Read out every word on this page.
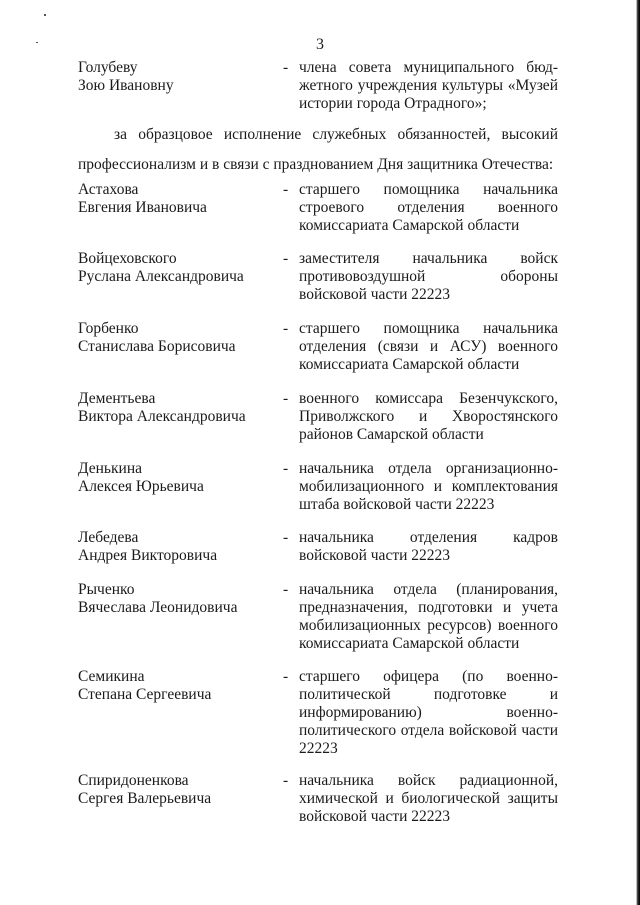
3
Голубеву
Зою Ивановну
- члена совета муниципального бюд-
жетного учреждения культуры «Музей
истории города Отрадного»;
за образцовое исполнение служебных обязанностей, высокий
профессионализм и в связи с празднованием Дня защитника Отечества:
Астахова
Евгения Ивановича
- старшего помощника начальника
строевого отделения военного
комиссариата Самарской области
Войцеховского
Руслана Александровича
- заместителя начальника войск
противовоздушной обороны
войсковой части 22223
Горбенко
Станислава Борисовича
- старшего помощника начальника
отделения (связи и АСУ) военного
комиссариата Самарской области
Дементьева
Виктора Александровича
- военного комиссара Безенчукского,
Приволжского и Хворостянского
районов Самарской области
Денькина
Алексея Юрьевича
- начальника отдела организационно-
мобилизационного и комплектования
штаба войсковой части 22223
Лебедева
Андрея Викторовича
- начальника отделения кадров
войсковой части 22223
Рыченко
Вячеслава Леонидовича
- начальника отдела (планирования,
предназначения, подготовки и учета
мобилизационных ресурсов) военного
комиссариата Самарской области
Семикина
Степана Сергеевича
- старшего офицера (по военно-
политической подготовке и
информированию) военно-
политического отдела войсковой части
22223
Спиридоненкова
Сергея Валерьевича
- начальника войск радиационной,
химической и биологической защиты
войсковой части 22223
